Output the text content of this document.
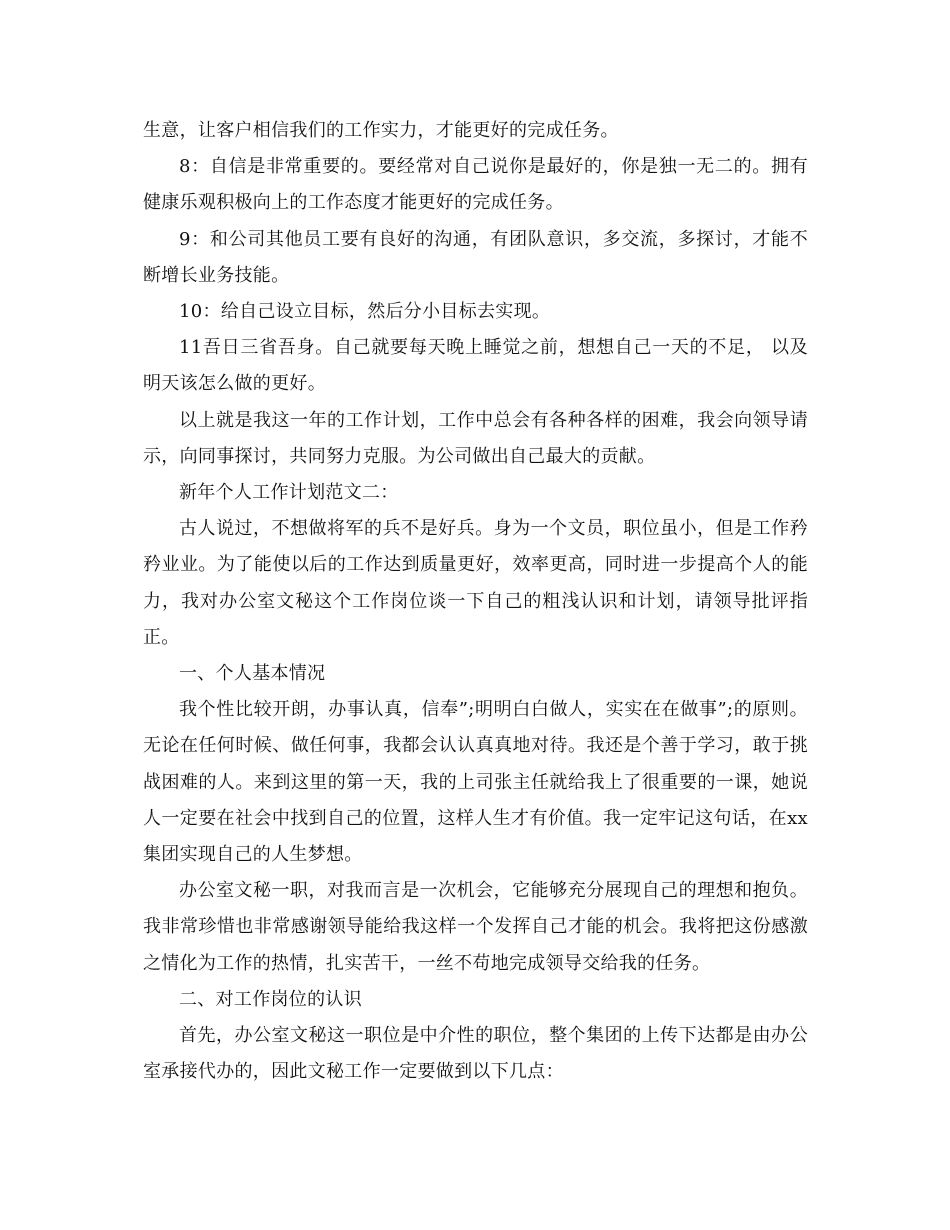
生意，让客户相信我们的工作实力，才能更好的完成任务。

8：自信是非常重要的。要经常对自己说你是最好的，你是独一无二的。拥有健康乐观积极向上的工作态度才能更好的完成任务。

9：和公司其他员工要有良好的沟通，有团队意识，多交流，多探讨，才能不断增长业务技能。

10：给自己设立目标，然后分小目标去实现。

11吾日三省吾身。自己就要每天晚上睡觉之前，想想自己一天的不足， 以及明天该怎么做的更好。

以上就是我这一年的工作计划，工作中总会有各种各样的困难，我会向领导请示，向同事探讨，共同努力克服。为公司做出自己最大的贡献。

新年个人工作计划范文二：

古人说过，不想做将军的兵不是好兵。身为一个文员，职位虽小，但是工作矜矜业业。为了能使以后的工作达到质量更好，效率更高，同时进一步提高个人的能力，我对办公室文秘这个工作岗位谈一下自己的粗浅认识和计划，请领导批评指正。

一、个人基本情况

我个性比较开朗，办事认真，信奉”;明明白白做人，实实在在做事”;的原则。无论在任何时候、做任何事，我都会认认真真地对待。我还是个善于学习，敢于挑战困难的人。来到这里的第一天，我的上司张主任就给我上了很重要的一课，她说人一定要在社会中找到自己的位置，这样人生才有价值。我一定牢记这句话，在xx集团实现自己的人生梦想。

办公室文秘一职，对我而言是一次机会，它能够充分展现自己的理想和抱负。我非常珍惜也非常感谢领导能给我这样一个发挥自己才能的机会。我将把这份感激之情化为工作的热情，扎实苦干，一丝不苟地完成领导交给我的任务。

二、对工作岗位的认识

首先，办公室文秘这一职位是中介性的职位，整个集团的上传下达都是由办公室承接代办的，因此文秘工作一定要做到以下几点：
